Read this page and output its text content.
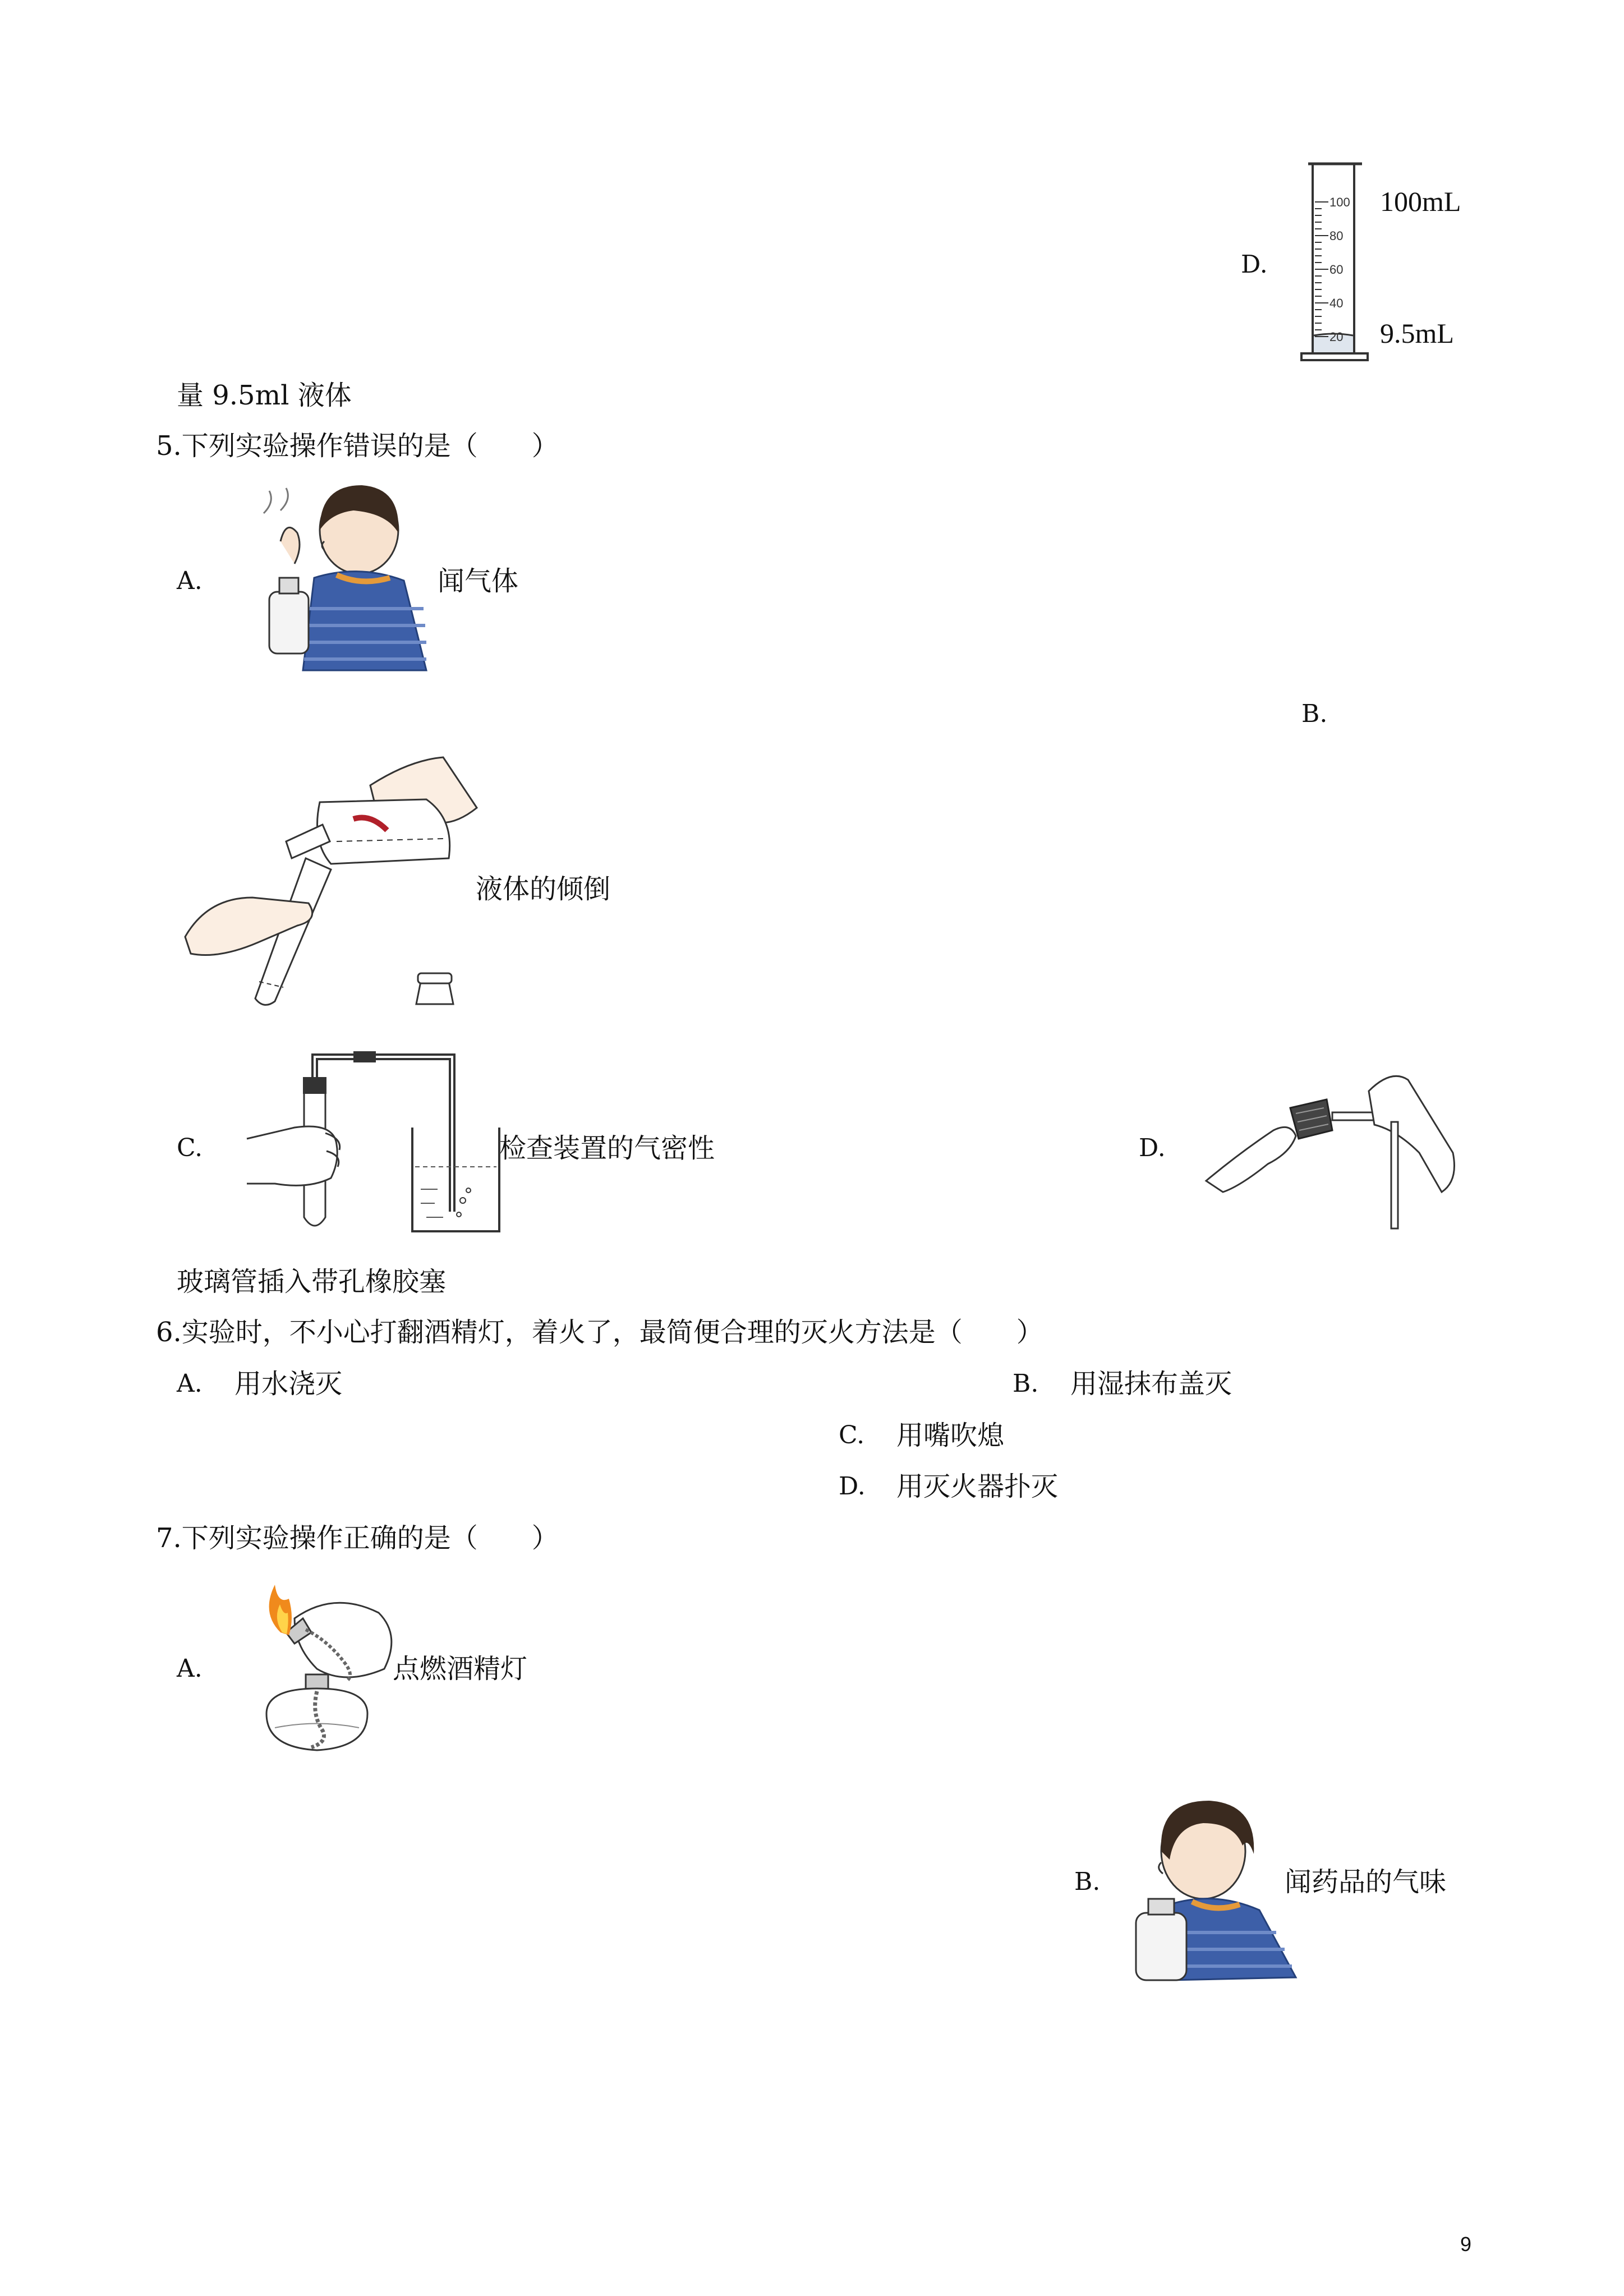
D.
100
80
60
40
20
100mL
9.5mL
量 9.5ml 液体
5.下列实验操作错误的是（　　）
A.	闻气体
B.
液体的倾倒
C.	检查装置的气密性	D.
玻璃管插入带孔橡胶塞
6.实验时，不小心打翻酒精灯，着火了，最简便合理的灭火方法是（　　）
A. 用水浇灭	B. 用湿抹布盖灭
C. 用嘴吹熄
D. 用灭火器扑灭
7.下列实验操作正确的是（　　）
A.	点燃酒精灯
B.	闻药品的气味
9
